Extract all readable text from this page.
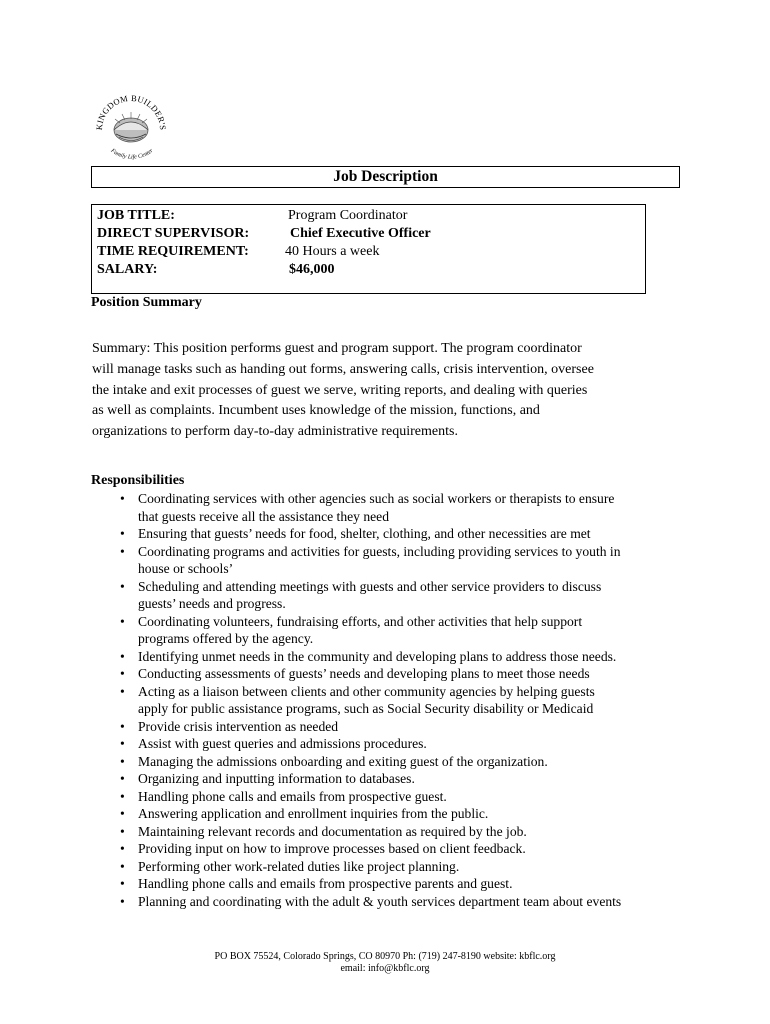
KINGDOM BUILDER'S
Family Life Center
Job Description
JOB TITLE:	Program Coordinator
DIRECT SUPERVISOR:	Chief Executive Officer
TIME REQUIREMENT:	40 Hours a week
SALARY:	$46,000
Position Summary

Summary: This position performs guest and program support. The program coordinator

will manage tasks such as handing out forms, answering calls, crisis intervention, oversee

the intake and exit processes of guest we serve, writing reports, and dealing with queries

as well as complaints. Incumbent uses knowledge of the mission, functions, and

organizations to perform day-to-day administrative requirements.

Responsibilities
• Coordinating services with other agencies such as social workers or therapists to ensure
that guests receive all the assistance they need
• Ensuring that guests’ needs for food, shelter, clothing, and other necessities are met
• Coordinating programs and activities for guests, including providing services to youth in
house or schools’
• Scheduling and attending meetings with guests and other service providers to discuss
guests’ needs and progress.
• Coordinating volunteers, fundraising efforts, and other activities that help support
programs offered by the agency.
• Identifying unmet needs in the community and developing plans to address those needs.
• Conducting assessments of guests’ needs and developing plans to meet those needs
• Acting as a liaison between clients and other community agencies by helping guests
apply for public assistance programs, such as Social Security disability or Medicaid
• Provide crisis intervention as needed
• Assist with guest queries and admissions procedures.
• Managing the admissions onboarding and exiting guest of the organization.
• Organizing and inputting information to databases.
• Handling phone calls and emails from prospective guest.
• Answering application and enrollment inquiries from the public.
• Maintaining relevant records and documentation as required by the job.
• Providing input on how to improve processes based on client feedback.
• Performing other work-related duties like project planning.
• Handling phone calls and emails from prospective parents and guest.
• Planning and coordinating with the adult & youth services department team about events
PO BOX 75524, Colorado Springs, CO 80970 Ph: (719) 247-8190 website: kbflc.org
email: info@kbflc.org
